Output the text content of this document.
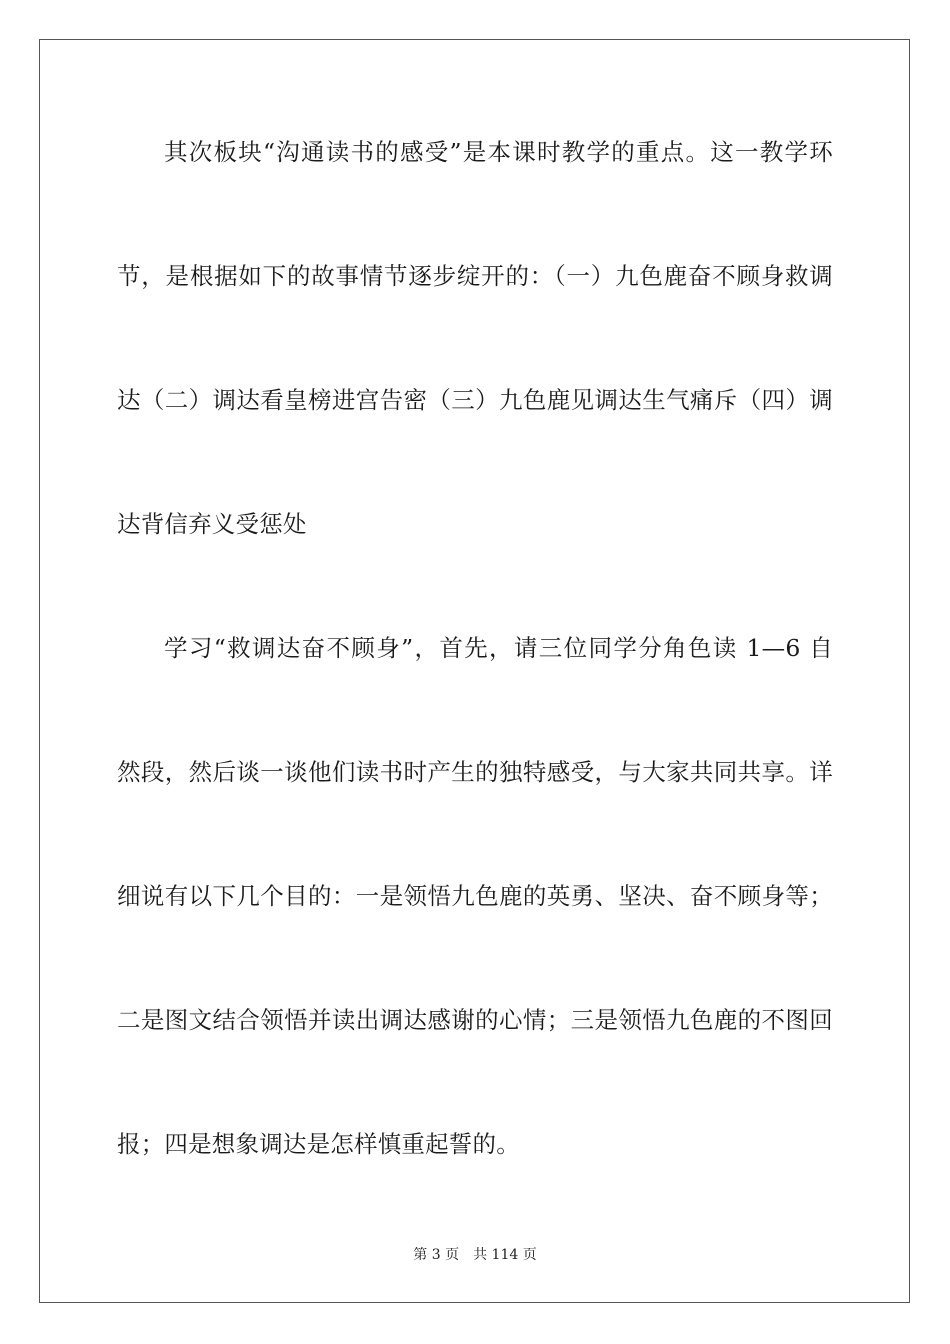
其次板块“沟通读书的感受”是本课时教学的重点。这一教学环
节，是根据如下的故事情节逐步绽开的：（一）九色鹿奋不顾身救调
达（二）调达看皇榜进宫告密（三）九色鹿见调达生气痛斥（四）调
达背信弃义受惩处
学习“救调达奋不顾身”，首先，请三位同学分角色读 1—6 自
然段，然后谈一谈他们读书时产生的独特感受，与大家共同共享。详
细说有以下几个目的：一是领悟九色鹿的英勇、坚决、奋不顾身等；
二是图文结合领悟并读出调达感谢的心情；三是领悟九色鹿的不图回
报；四是想象调达是怎样慎重起誓的。
第 3 页 共 114 页
